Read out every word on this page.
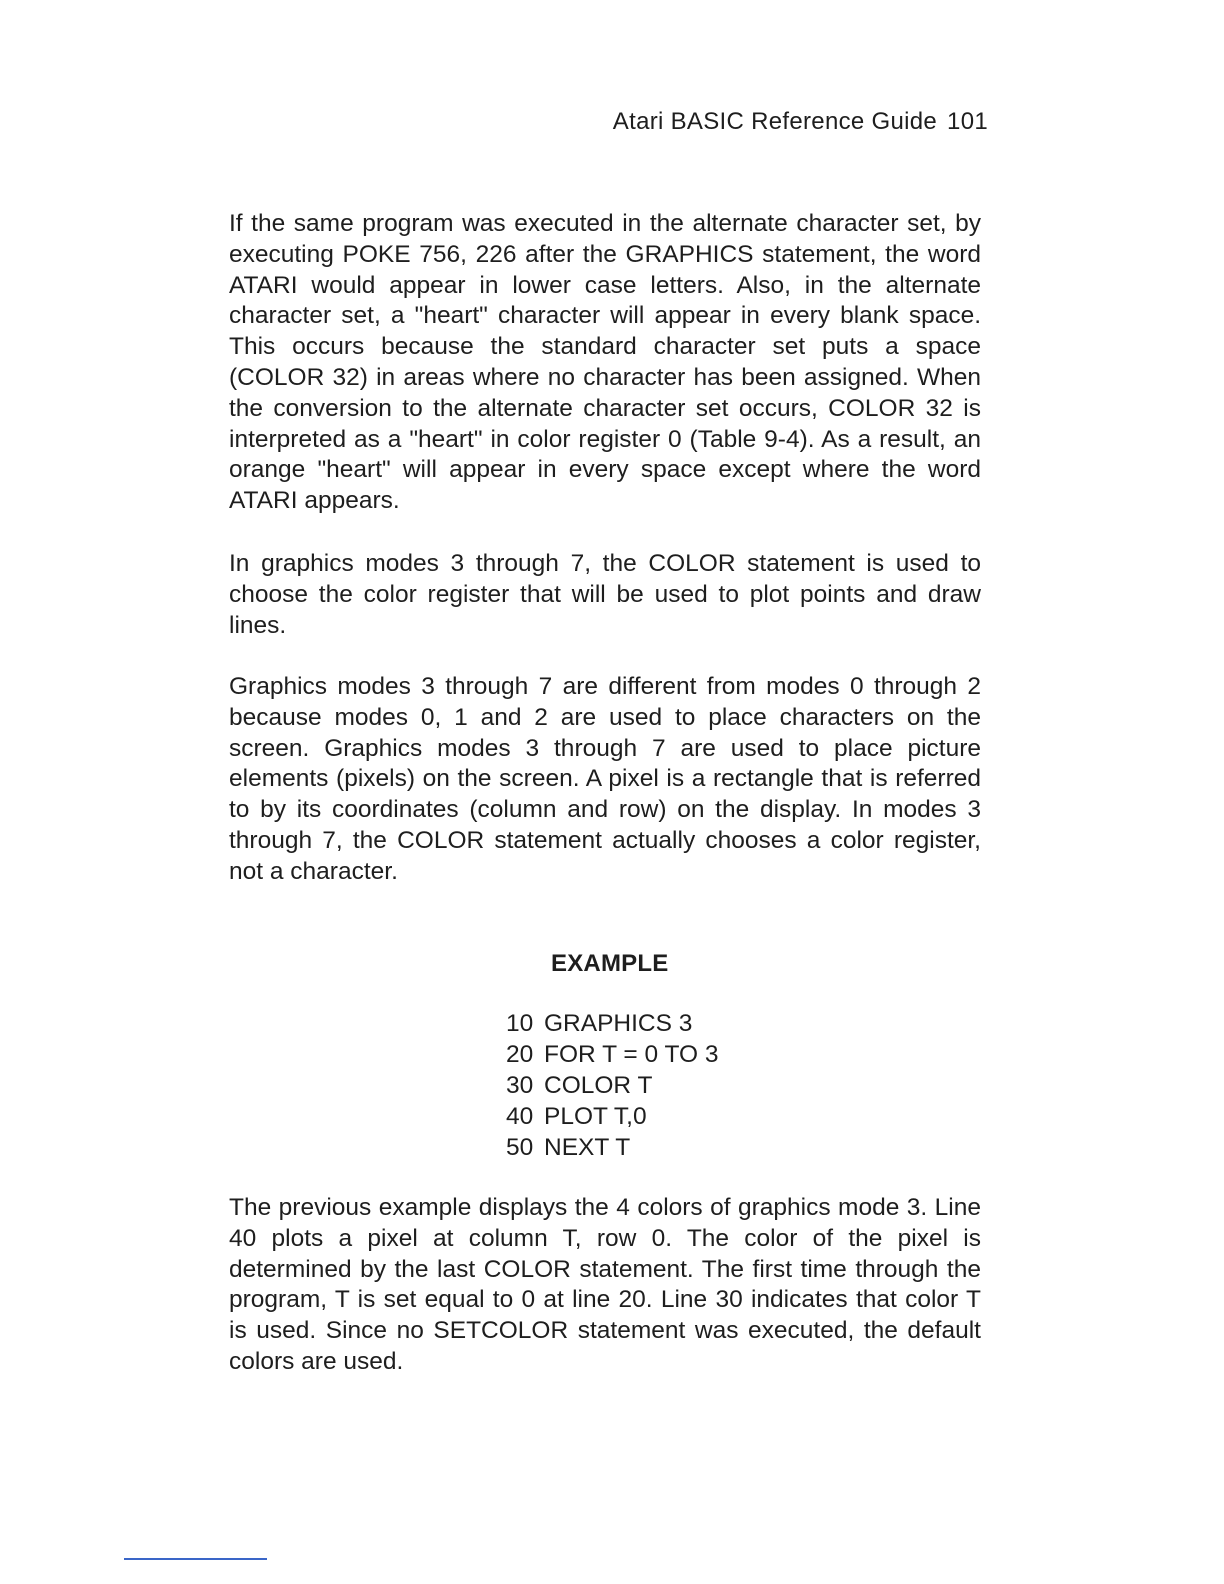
Atari BASIC Reference Guide 101

If the same program was executed in the alternate character set, by executing POKE 756, 226 after the GRAPHICS statement, the word ATARI would appear in lower case letters. Also, in the alternate character set, a "heart" character will appear in every blank space. This occurs because the standard character set puts a space (COLOR 32) in areas where no character has been assigned. When the conversion to the alternate character set occurs, COLOR 32 is interpreted as a "heart" in color register 0 (Table 9-4). As a result, an orange "heart" will appear in every space except where the word ATARI appears.

In graphics modes 3 through 7, the COLOR statement is used to choose the color register that will be used to plot points and draw lines.

Graphics modes 3 through 7 are different from modes 0 through 2 because modes 0, 1 and 2 are used to place characters on the screen. Graphics modes 3 through 7 are used to place picture elements (pixels) on the screen. A pixel is a rectangle that is referred to by its coordinates (column and row) on the display. In modes 3 through 7, the COLOR statement actually chooses a color register, not a character.

EXAMPLE
10 GRAPHICS 3
20 FOR T = 0 TO 3
30 COLOR T
40 PLOT T,0
50 NEXT T

The previous example displays the 4 colors of graphics mode 3. Line 40 plots a pixel at column T, row 0. The color of the pixel is determined by the last COLOR statement. The first time through the program, T is set equal to 0 at line 20. Line 30 indicates that color T is used. Since no SETCOLOR statement was executed, the default colors are used.
